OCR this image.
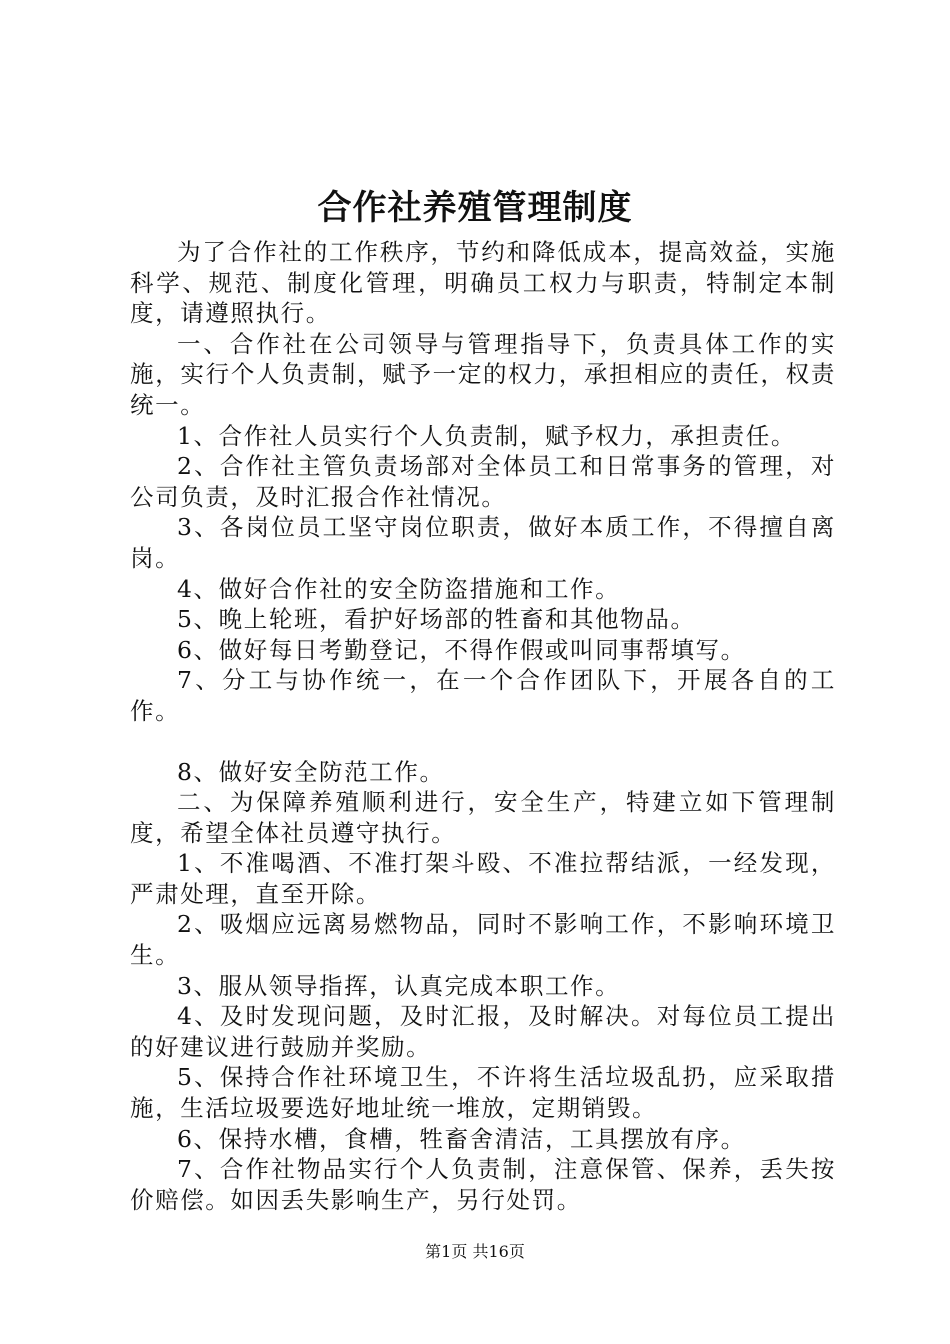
合作社养殖管理制度

为了合作社的工作秩序，节约和降低成本，提高效益，实施科学、规范、制度化管理，明确员工权力与职责，特制定本制度，请遵照执行。

一、合作社在公司领导与管理指导下，负责具体工作的实施，实行个人负责制，赋予一定的权力，承担相应的责任，权责统一。

1、合作社人员实行个人负责制，赋予权力，承担责任。

2、合作社主管负责场部对全体员工和日常事务的管理，对公司负责，及时汇报合作社情况。

3、各岗位员工坚守岗位职责，做好本质工作，不得擅自离岗。

4、做好合作社的安全防盗措施和工作。

5、晚上轮班，看护好场部的牲畜和其他物品。

6、做好每日考勤登记，不得作假或叫同事帮填写。

7、分工与协作统一，在一个合作团队下，开展各自的工作。

8、做好安全防范工作。

二、为保障养殖顺利进行，安全生产，特建立如下管理制度，希望全体社员遵守执行。

1、不准喝酒、不准打架斗殴、不准拉帮结派，一经发现，严肃处理，直至开除。

2、吸烟应远离易燃物品，同时不影响工作，不影响环境卫生。

3、服从领导指挥，认真完成本职工作。

4、及时发现问题，及时汇报，及时解决。对每位员工提出的好建议进行鼓励并奖励。

5、保持合作社环境卫生，不许将生活垃圾乱扔，应采取措施，生活垃圾要选好地址统一堆放，定期销毁。

6、保持水槽，食槽，牲畜舍清洁，工具摆放有序。

7、合作社物品实行个人负责制，注意保管、保养，丢失按价赔偿。如因丢失影响生产，另行处罚。

第1页 共16页
